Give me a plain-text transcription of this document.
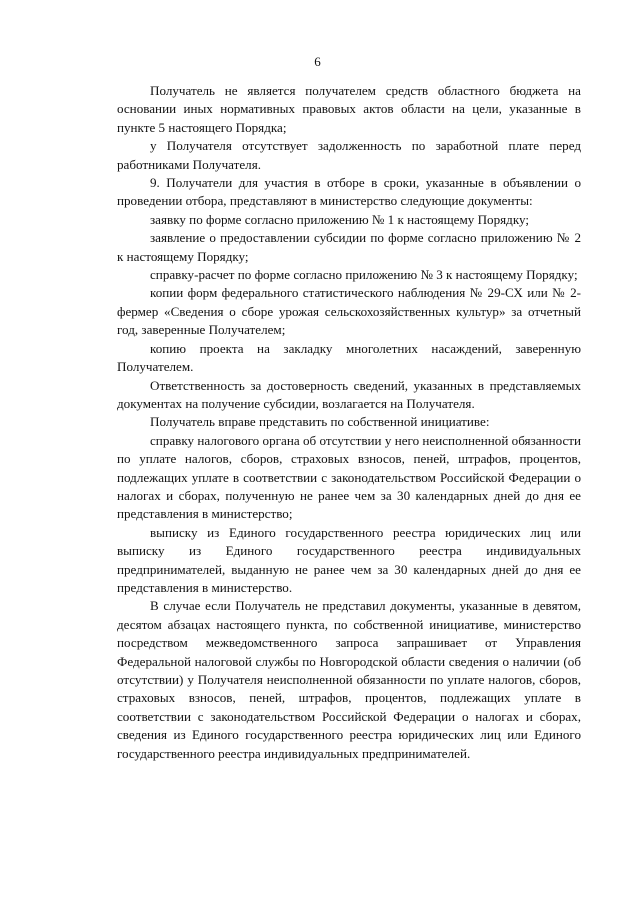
6

Получатель не является получателем средств областного бюджета на основании иных нормативных правовых актов области на цели, указанные в пункте 5 настоящего Порядка;

у Получателя отсутствует задолженность по заработной плате перед работниками Получателя.

9. Получатели для участия в отборе в сроки, указанные в объявлении о проведении отбора, представляют в министерство следующие документы:

заявку по форме согласно приложению № 1 к настоящему Порядку;

заявление о предоставлении субсидии по форме согласно приложению № 2 к настоящему Порядку;

справку-расчет по форме согласно приложению № 3 к настоящему Порядку;

копии форм федерального статистического наблюдения № 29-СХ или № 2-фермер «Сведения о сборе урожая сельскохозяйственных культур» за отчетный год, заверенные Получателем;

копию проекта на закладку многолетних насаждений, заверенную Получателем.

Ответственность за достоверность сведений, указанных в представляемых документах на получение субсидии, возлагается на Получателя.

Получатель вправе представить по собственной инициативе:

справку налогового органа об отсутствии у него неисполненной обязанности по уплате налогов, сборов, страховых взносов, пеней, штрафов, процентов, подлежащих уплате в соответствии с законодательством Российской Федерации о налогах и сборах, полученную не ранее чем за 30 календарных дней до дня ее представления в министерство;

выписку из Единого государственного реестра юридических лиц или выписку из Единого государственного реестра индивидуальных предпринимателей, выданную не ранее чем за 30 календарных дней до дня ее представления в министерство.

В случае если Получатель не представил документы, указанные в девятом, десятом абзацах настоящего пункта, по собственной инициативе, министерство посредством межведомственного запроса запрашивает от Управления Федеральной налоговой службы по Новгородской области сведения о наличии (об отсутствии) у Получателя неисполненной обязанности по уплате налогов, сборов, страховых взносов, пеней, штрафов, процентов, подлежащих уплате в соответствии с законодательством Российской Федерации о налогах и сборах, сведения из Единого государственного реестра юридических лиц или Единого государственного реестра индивидуальных предпринимателей.
